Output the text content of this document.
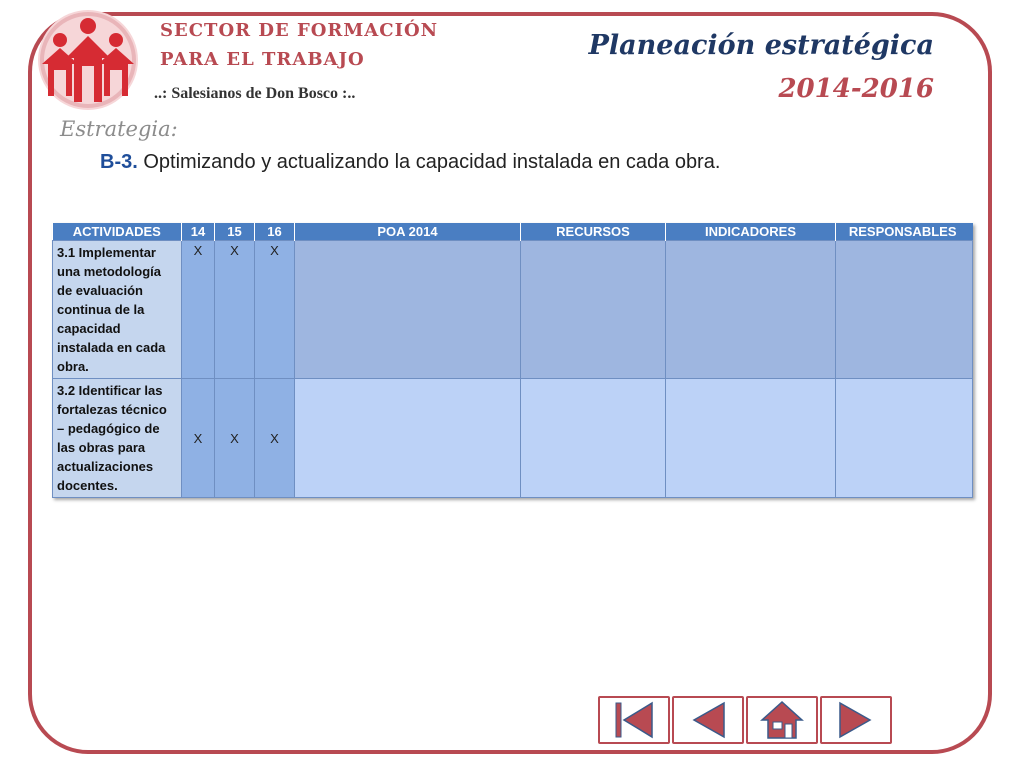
SECTOR DE FORMACIÓN
PARA EL TRABAJO
..: Salesianos de Don Bosco :..
Planeación estratégica
2014-2016
Estrategia:
B-3. Optimizando y actualizando la capacidad instalada en cada obra.
ACTIVIDADES	14	15	16	POA 2014	RECURSOS	INDICADORES	RESPONSABLES
3.1 Implementar una metodología de evaluación continua de la capacidad instalada en cada obra.	X	X	X				
3.2 Identificar las fortalezas técnico – pedagógico de las obras para actualizaciones docentes.	X	X	X				
